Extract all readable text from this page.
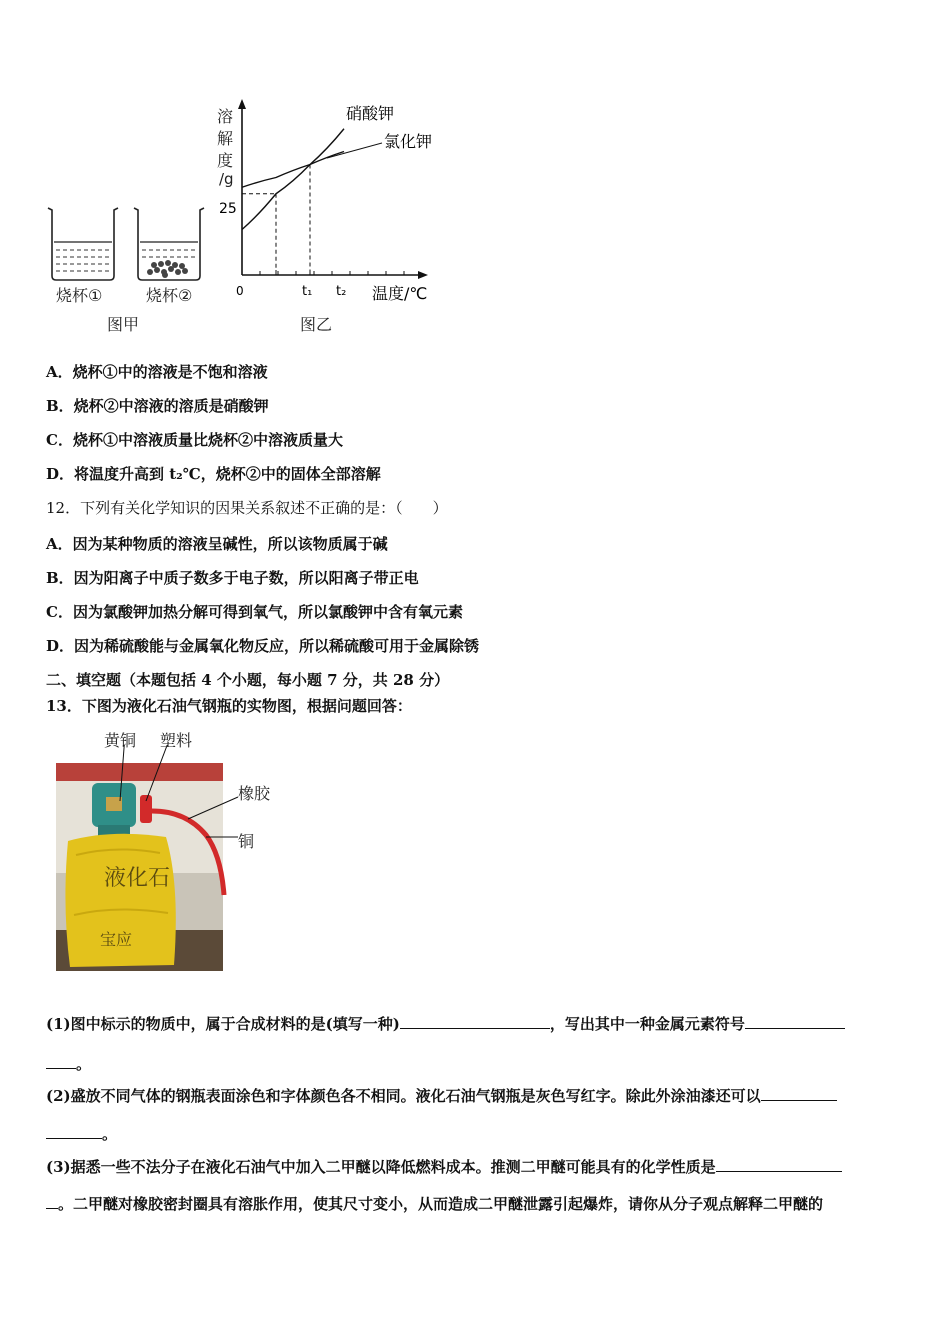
烧杯①	烧杯②
图甲
溶
解
度
/g
25
0	t₁ t₂ 温度/℃
硝酸钾
氯化钾
图乙
A．烧杯①中的溶液是不饱和溶液
B．烧杯②中溶液的溶质是硝酸钾
C．烧杯①中溶液质量比烧杯②中溶液质量大
D．将温度升高到 t₂℃，烧杯②中的固体全部溶解
12．下列有关化学知识的因果关系叙述不正确的是：（　　）
A．因为某种物质的溶液呈碱性，所以该物质属于碱
B．因为阳离子中质子数多于电子数，所以阳离子带正电
C．因为氯酸钾加热分解可得到氧气，所以氯酸钾中含有氧元素
D．因为稀硫酸能与金属氧化物反应，所以稀硫酸可用于金属除锈
二、填空题（本题包括 4 个小题，每小题 7 分，共 28 分）
13．下图为液化石油气钢瓶的实物图，根据问题回答：
黄铜 塑料
橡胶
铜
液化石
宝应
(1)图中标示的物质中，属于合成材料的是(填写一种)	，写出其中一种金属元素符号
。
(2)盛放不同气体的钢瓶表面涂色和字体颜色各不相同。液化石油气钢瓶是灰色写红字。除此外涂油漆还可以
。
(3)据悉一些不法分子在液化石油气中加入二甲醚以降低燃料成本。推测二甲醚可能具有的化学性质是
。二甲醚对橡胶密封圈具有溶胀作用，使其尺寸变小，从而造成二甲醚泄露引起爆炸，请你从分子观点解释二甲醚的
